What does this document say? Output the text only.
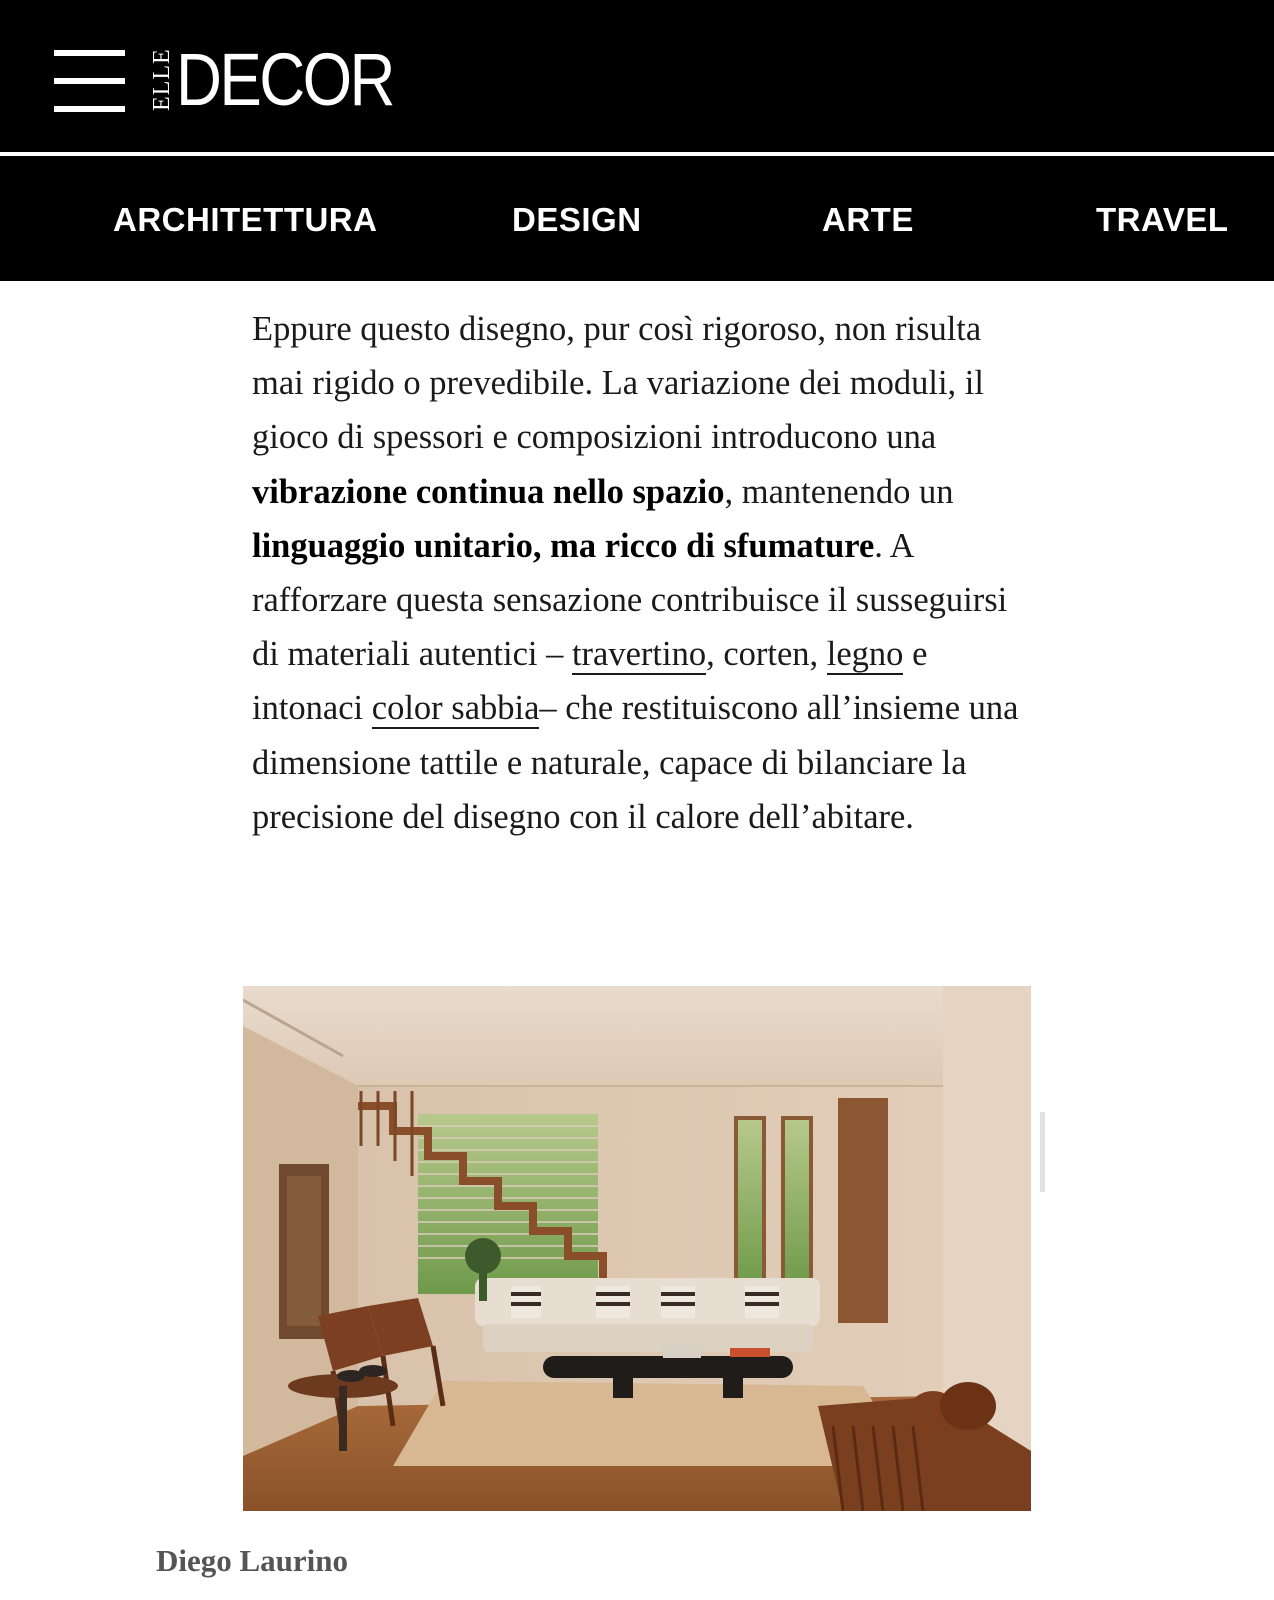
ELLE DECOR
ARCHITETTURA	DESIGN	ARTE	TRAVEL
Eppure questo disegno, pur così rigoroso, non risulta mai rigido o prevedibile. La variazione dei moduli, il gioco di spessori e composizioni introducono una vibrazione continua nello spazio, mantenendo un linguaggio unitario, ma ricco di sfumature. A rafforzare questa sensazione contribuisce il susseguirsi di materiali autentici – travertino, corten, legno e intonaci color sabbia– che restituiscono all’insieme una dimensione tattile e naturale, capace di bilanciare la precisione del disegno con il calore dell’abitare.
Diego Laurino
